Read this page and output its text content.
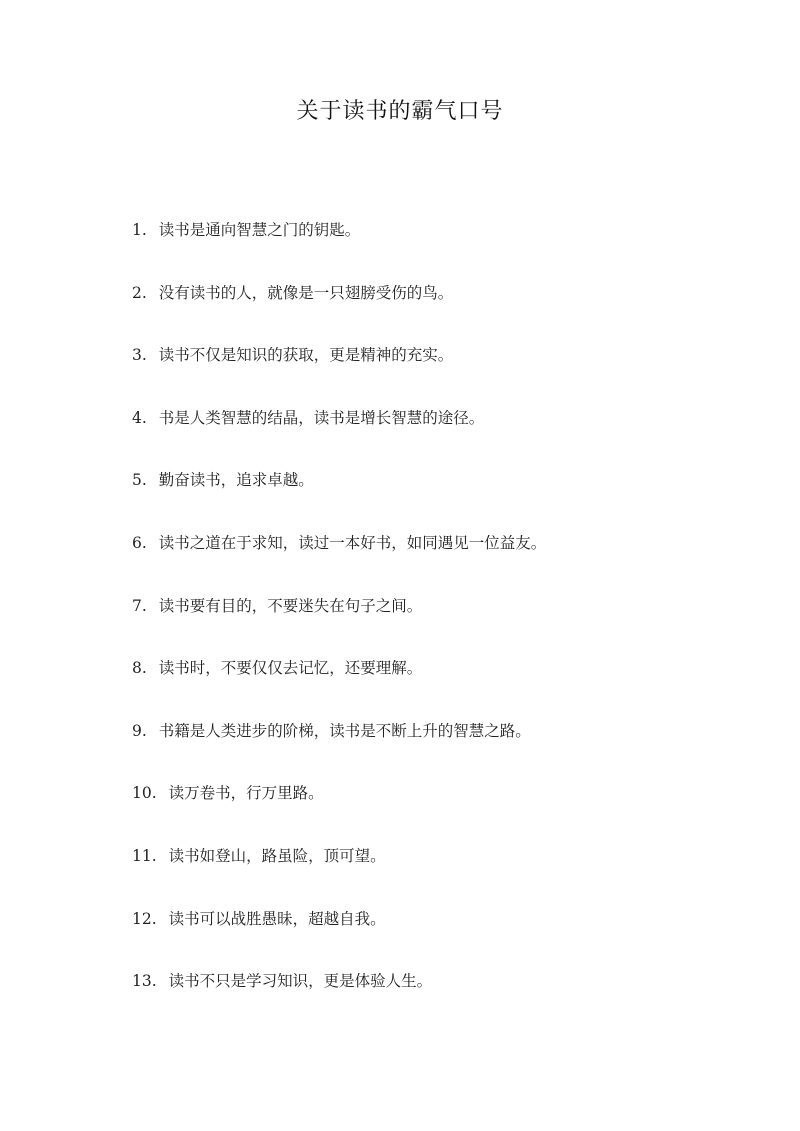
关于读书的霸气口号
1. 读书是通向智慧之门的钥匙。
2. 没有读书的人，就像是一只翅膀受伤的鸟。
3. 读书不仅是知识的获取，更是精神的充实。
4. 书是人类智慧的结晶，读书是增长智慧的途径。
5. 勤奋读书，追求卓越。
6. 读书之道在于求知，读过一本好书，如同遇见一位益友。
7. 读书要有目的，不要迷失在句子之间。
8. 读书时，不要仅仅去记忆，还要理解。
9. 书籍是人类进步的阶梯，读书是不断上升的智慧之路。
10. 读万卷书，行万里路。
11. 读书如登山，路虽险，顶可望。
12. 读书可以战胜愚昧，超越自我。
13. 读书不只是学习知识，更是体验人生。
